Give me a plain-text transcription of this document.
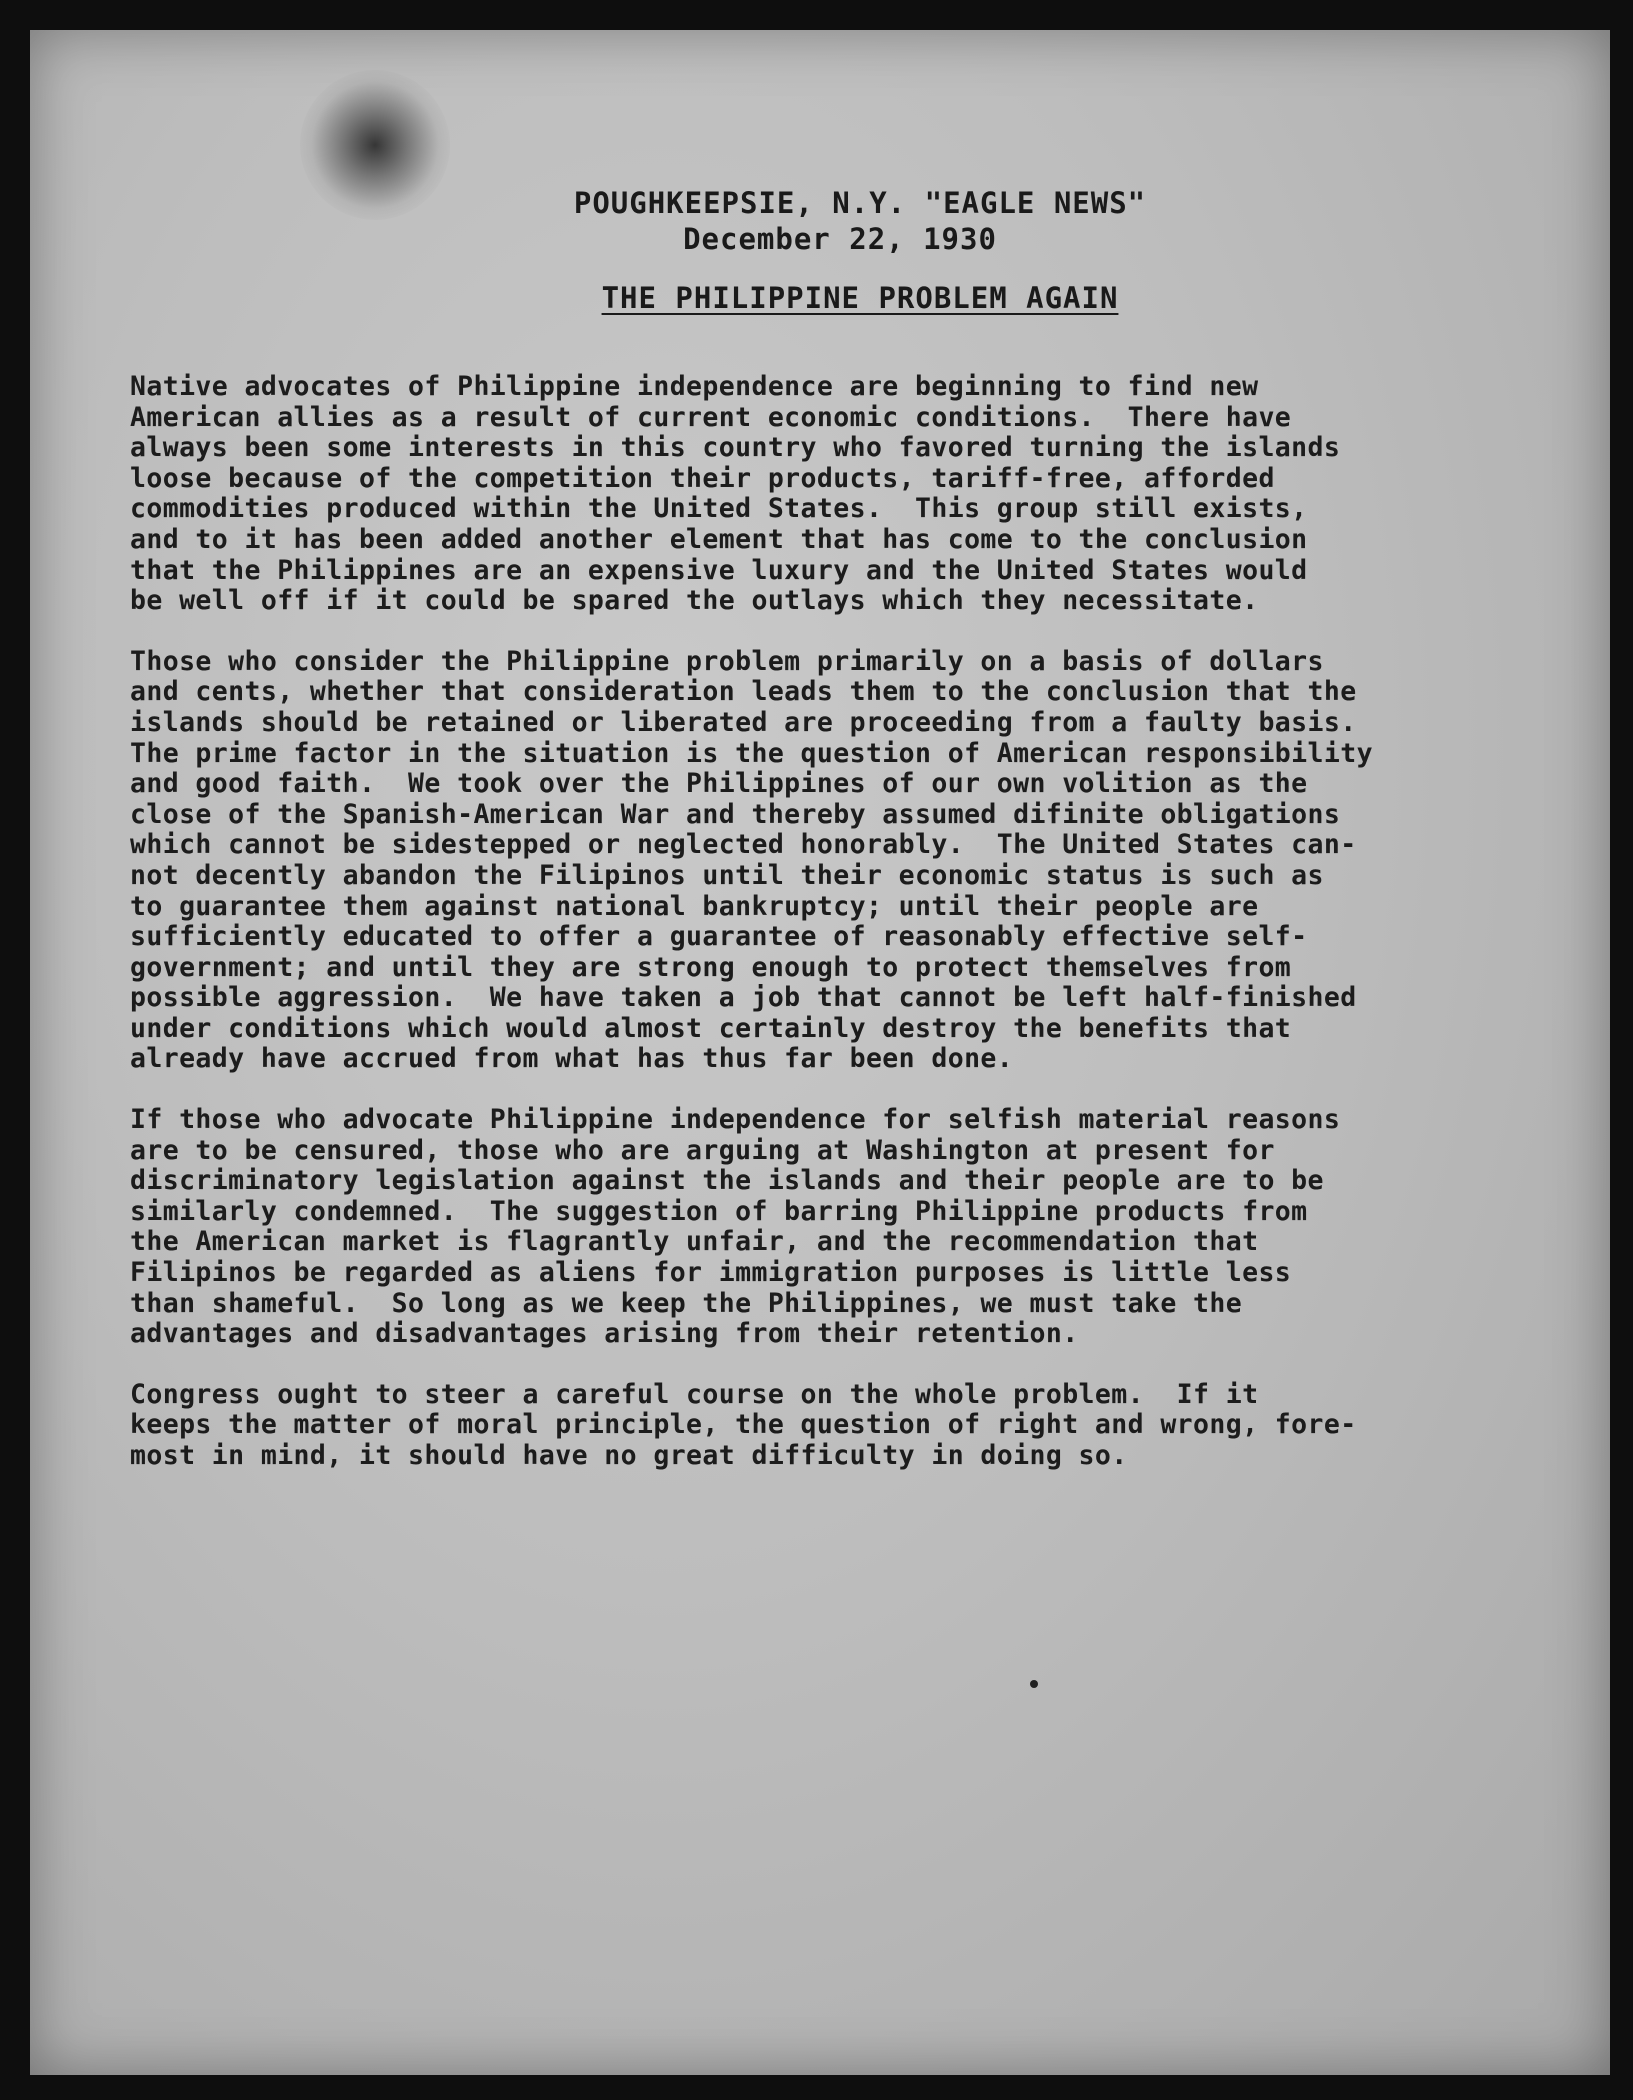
POUGHKEEPSIE, N.Y. "EAGLE NEWS"
December 22, 1930
THE PHILIPPINE PROBLEM AGAIN
Native advocates of Philippine independence are beginning to find new
American allies as a result of current economic conditions.  There have
always been some interests in this country who favored turning the islands
loose because of the competition their products, tariff-free, afforded
commodities produced within the United States.  This group still exists,
and to it has been added another element that has come to the conclusion
that the Philippines are an expensive luxury and the United States would
be well off if it could be spared the outlays which they necessitate.
Those who consider the Philippine problem primarily on a basis of dollars
and cents, whether that consideration leads them to the conclusion that the
islands should be retained or liberated are proceeding from a faulty basis.
The prime factor in the situation is the question of American responsibility
and good faith.  We took over the Philippines of our own volition as the
close of the Spanish-American War and thereby assumed difinite obligations
which cannot be sidestepped or neglected honorably.  The United States can-
not decently abandon the Filipinos until their economic status is such as
to guarantee them against national bankruptcy; until their people are
sufficiently educated to offer a guarantee of reasonably effective self-
government; and until they are strong enough to protect themselves from
possible aggression.  We have taken a job that cannot be left half-finished
under conditions which would almost certainly destroy the benefits that
already have accrued from what has thus far been done.
If those who advocate Philippine independence for selfish material reasons
are to be censured, those who are arguing at Washington at present for
discriminatory legislation against the islands and their people are to be
similarly condemned.  The suggestion of barring Philippine products from
the American market is flagrantly unfair, and the recommendation that
Filipinos be regarded as aliens for immigration purposes is little less
than shameful.  So long as we keep the Philippines, we must take the
advantages and disadvantages arising from their retention.
Congress ought to steer a careful course on the whole problem.  If it
keeps the matter of moral principle, the question of right and wrong, fore-
most in mind, it should have no great difficulty in doing so.
